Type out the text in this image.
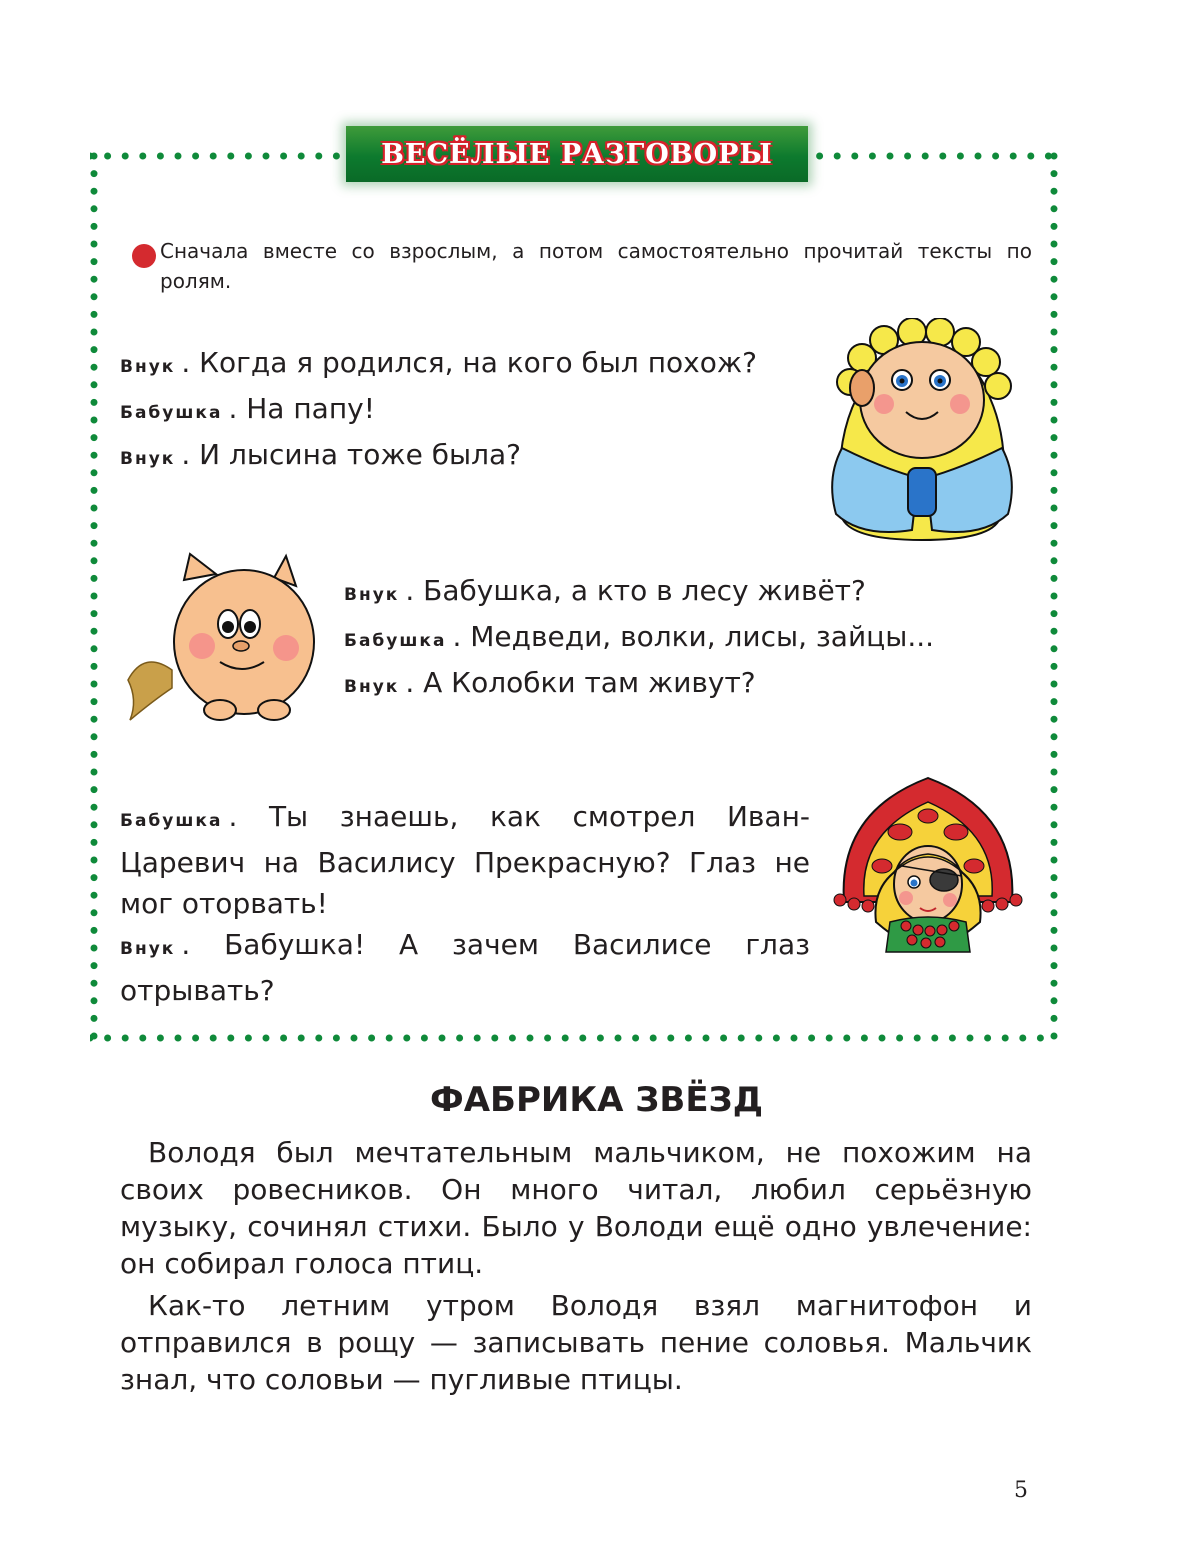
ВЕСЁЛЫЕ РАЗГОВОРЫ

Сначала вместе со взрослым, а потом самостоятельно прочитай тексты по ролям.

Внук . Когда я родился, на кого был похож?
Бабушка . На папу!
Внук . И лысина тоже была?
Внук . Бабушка, а кто в лесу живёт?
Бабушка . Медведи, волки, лисы, зайцы...
Внук . А Колобки там живут?
Бабушка . Ты знаешь, как смотрел Иван-Царевич на Василису Прекрасную? Глаз не мог оторвать!
Внук . Бабушка! А зачем Василисе глаз отрывать?
ФАБРИКА ЗВЁЗД

Володя был мечтательным мальчиком, не похожим на своих ровесников. Он много читал, любил серьёзную музыку, сочинял стихи. Было у Володи ещё одно увлечение: он собирал голоса птиц.

Как-то летним утром Володя взял магнитофон и отправился в рощу — записывать пение соловья. Мальчик знал, что соловьи — пугливые птицы.

5
